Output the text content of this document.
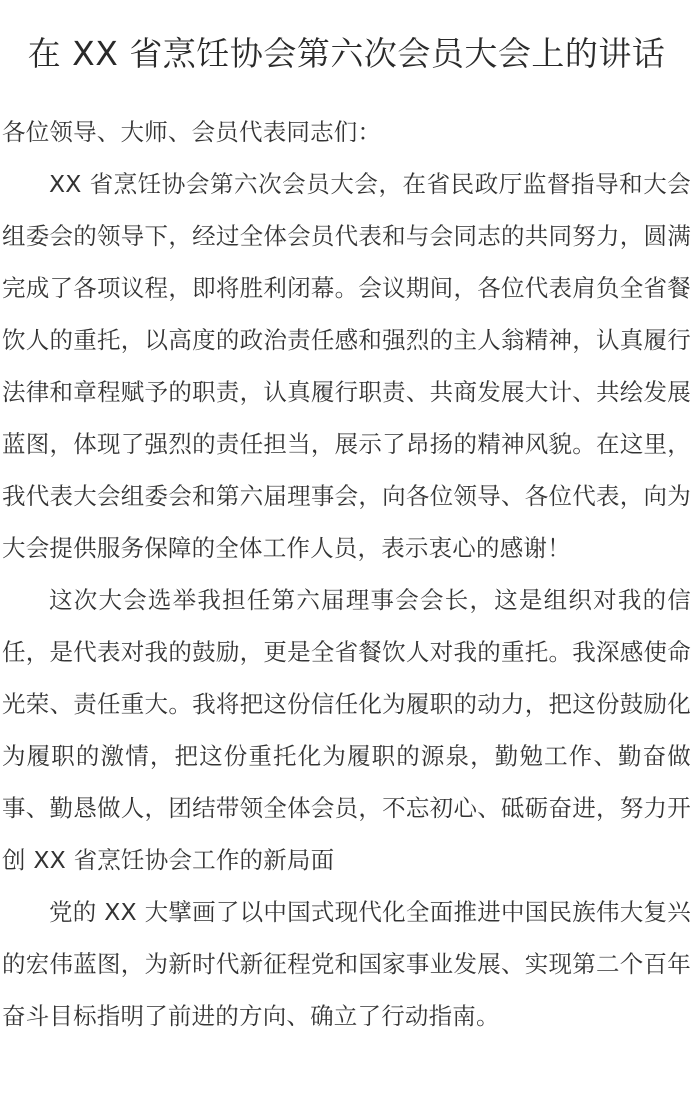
在 XX 省烹饪协会第六次会员大会上的讲话

各位领导、大师、会员代表同志们：

XX 省烹饪协会第六次会员大会，在省民政厅监督指导和大会组委会的领导下，经过全体会员代表和与会同志的共同努力，圆满完成了各项议程，即将胜利闭幕。会议期间，各位代表肩负全省餐饮人的重托，以高度的政治责任感和强烈的主人翁精神，认真履行法律和章程赋予的职责，认真履行职责、共商发展大计、共绘发展蓝图，体现了强烈的责任担当，展示了昂扬的精神风貌。在这里，我代表大会组委会和第六届理事会，向各位领导、各位代表，向为大会提供服务保障的全体工作人员，表示衷心的感谢！

这次大会选举我担任第六届理事会会长，这是组织对我的信任，是代表对我的鼓励，更是全省餐饮人对我的重托。我深感使命光荣、责任重大。我将把这份信任化为履职的动力，把这份鼓励化为履职的激情，把这份重托化为履职的源泉，勤勉工作、勤奋做事、勤恳做人，团结带领全体会员，不忘初心、砥砺奋进，努力开创 XX 省烹饪协会工作的新局面

党的 XX 大擘画了以中国式现代化全面推进中国民族伟大复兴的宏伟蓝图，为新时代新征程党和国家事业发展、实现第二个百年奋斗目标指明了前进的方向、确立了行动指南。
